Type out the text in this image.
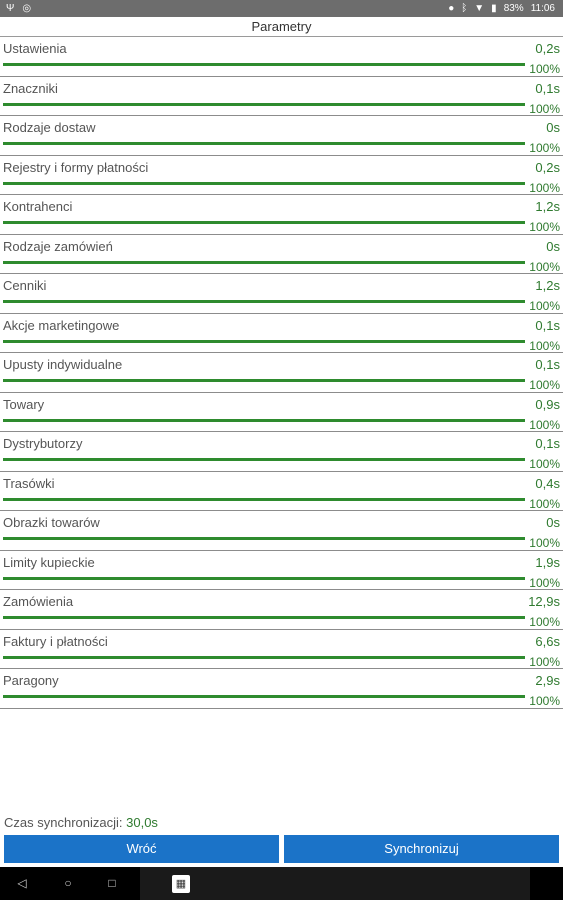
Ψ ◎	● ᛒ ▼ ▮ 83% 11:06
Parametry
Ustawienia	0,2s
100%
Znaczniki	0,1s
100%
Rodzaje dostaw	0s
100%
Rejestry i formy płatności	0,2s
100%
Kontrahenci	1,2s
100%
Rodzaje zamówień	0s
100%
Cenniki	1,2s
100%
Akcje marketingowe	0,1s
100%
Upusty indywidualne	0,1s
100%
Towary	0,9s
100%
Dystrybutorzy	0,1s
100%
Trasówki	0,4s
100%
Obrazki towarów	0s
100%
Limity kupieckie	1,9s
100%
Zamówienia	12,9s
100%
Faktury i płatności	6,6s
100%
Paragony	2,9s
100%
Czas synchronizacji: 30,0s
Wróć	Synchronizuj
◁	○	□	▦
